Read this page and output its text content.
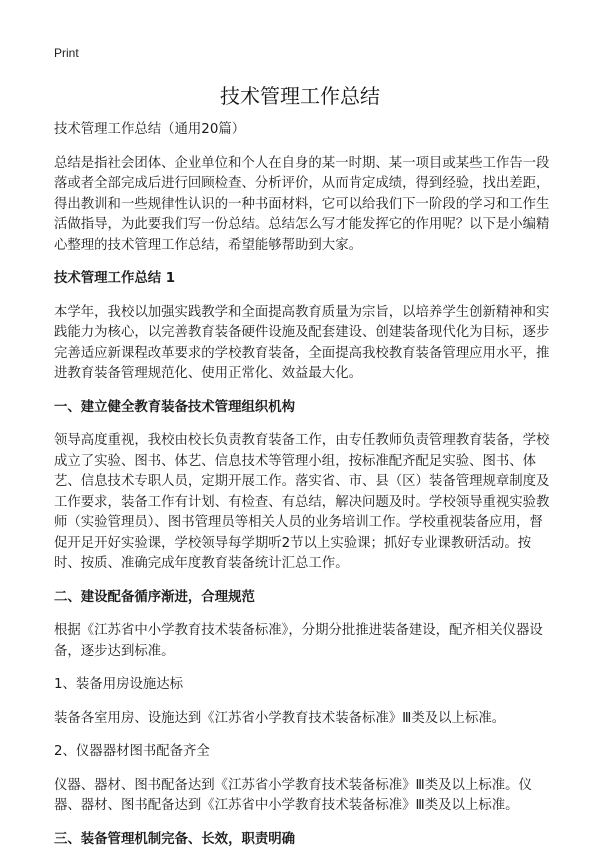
Print
技术管理工作总结

技术管理工作总结（通用20篇）

总结是指社会团体、企业单位和个人在自身的某一时期、某一项目或某些工作告一段落或者全部完成后进行回顾检查、分析评价，从而肯定成绩，得到经验，找出差距，得出教训和一些规律性认识的一种书面材料，它可以给我们下一阶段的学习和工作生活做指导，为此要我们写一份总结。总结怎么写才能发挥它的作用呢？以下是小编精心整理的技术管理工作总结，希望能够帮助到大家。

技术管理工作总结 1

本学年，我校以加强实践教学和全面提高教育质量为宗旨，以培养学生创新精神和实践能力为核心，以完善教育装备硬件设施及配套建设、创建装备现代化为目标，逐步完善适应新课程改革要求的学校教育装备，全面提高我校教育装备管理应用水平，推进教育装备管理规范化、使用正常化、效益最大化。

一、建立健全教育装备技术管理组织机构

领导高度重视，我校由校长负责教育装备工作，由专任教师负责管理教育装备，学校成立了实验、图书、体艺、信息技术等管理小组，按标准配齐配足实验、图书、体艺、信息技术专职人员，定期开展工作。落实省、市、县（区）装备管理规章制度及工作要求，装备工作有计划、有检查、有总结，解决问题及时。学校领导重视实验教师（实验管理员）、图书管理员等相关人员的业务培训工作。学校重视装备应用，督促开足开好实验课，学校领导每学期听2节以上实验课；抓好专业课教研活动。按时、按质、准确完成年度教育装备统计汇总工作。

二、建设配备循序渐进，合理规范

根据《江苏省中小学教育技术装备标准》，分期分批推进装备建设，配齐相关仪器设备，逐步达到标准。

1、装备用房设施达标

装备各室用房、设施达到《江苏省小学教育技术装备标准》Ⅲ类及以上标准。

2、仪器器材图书配备齐全

仪器、器材、图书配备达到《江苏省小学教育技术装备标准》Ⅲ类及以上标准。仪器、器材、图书配备达到《江苏省中小学教育技术装备标准》Ⅲ类及以上标准。

三、装备管理机制完备、长效，职责明确
